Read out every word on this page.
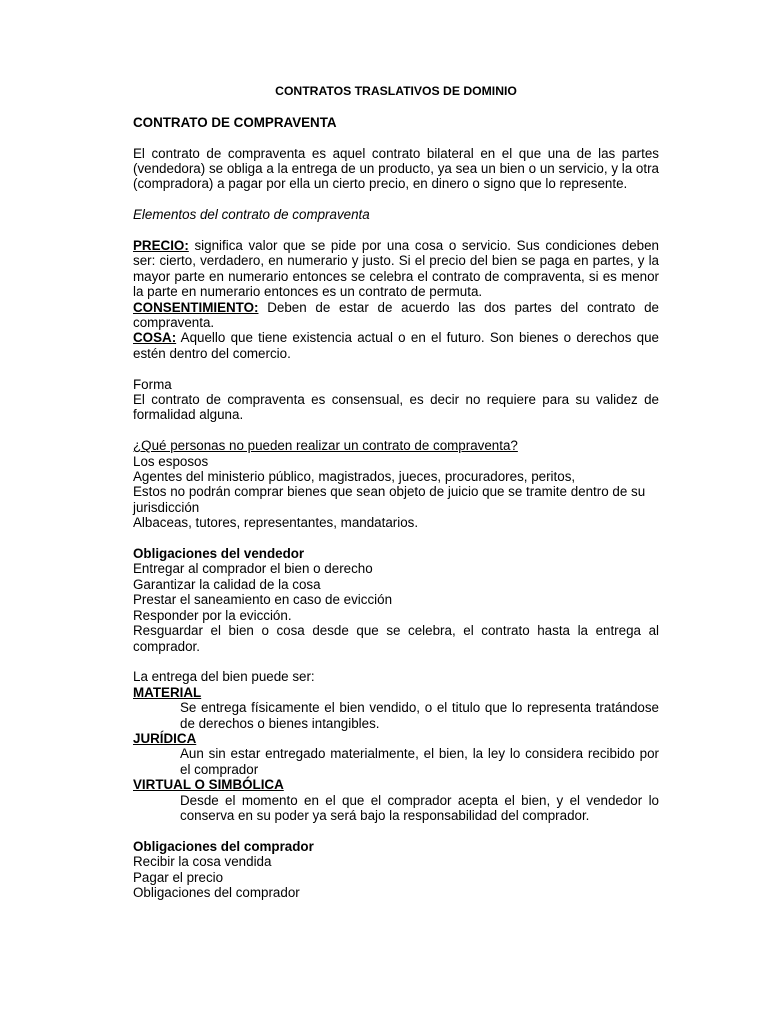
CONTRATOS TRASLATIVOS DE DOMINIO
CONTRATO DE COMPRAVENTA
El contrato de compraventa es aquel contrato bilateral en el que una de las partes (vendedora) se obliga a la entrega de un producto, ya sea un bien o un servicio, y la otra (compradora) a pagar por ella un cierto precio, en dinero o signo que lo represente.
Elementos del contrato de compraventa
PRECIO: significa valor que se pide por una cosa o servicio. Sus condiciones deben ser: cierto, verdadero, en numerario y justo. Si el precio del bien se paga en partes, y la mayor parte en numerario entonces se celebra el contrato de compraventa, si es menor la parte en numerario entonces es un contrato de permuta.
CONSENTIMIENTO: Deben de estar de acuerdo las dos partes del contrato de compraventa.
COSA: Aquello que tiene existencia actual o en el futuro. Son bienes o derechos que estén dentro del comercio.
Forma
El contrato de compraventa es consensual, es decir no requiere para su validez de formalidad alguna.
¿Qué personas no pueden realizar un contrato de compraventa?
Los esposos
Agentes del ministerio público, magistrados, jueces, procuradores, peritos,
Estos no podrán comprar bienes que sean objeto de juicio que se tramite dentro de su jurisdicción
Albaceas, tutores, representantes, mandatarios.
Obligaciones del vendedor
Entregar al comprador el bien o derecho
Garantizar la calidad de la cosa
Prestar el saneamiento en caso de evicción
Responder por la evicción.
Resguardar el bien o cosa desde que se celebra, el contrato hasta la entrega al comprador.
La entrega del bien puede ser:
MATERIAL
Se entrega físicamente el bien vendido, o el titulo que lo representa tratándose de derechos o bienes intangibles.
JURÍDICA
Aun sin estar entregado materialmente, el bien, la ley lo considera recibido por el comprador
VIRTUAL O SIMBÓLICA
Desde el momento en el que el comprador acepta el bien, y el vendedor lo conserva en su poder ya será bajo la responsabilidad del comprador.
Obligaciones del comprador
Recibir la cosa vendida
Pagar el precio
Obligaciones del comprador
